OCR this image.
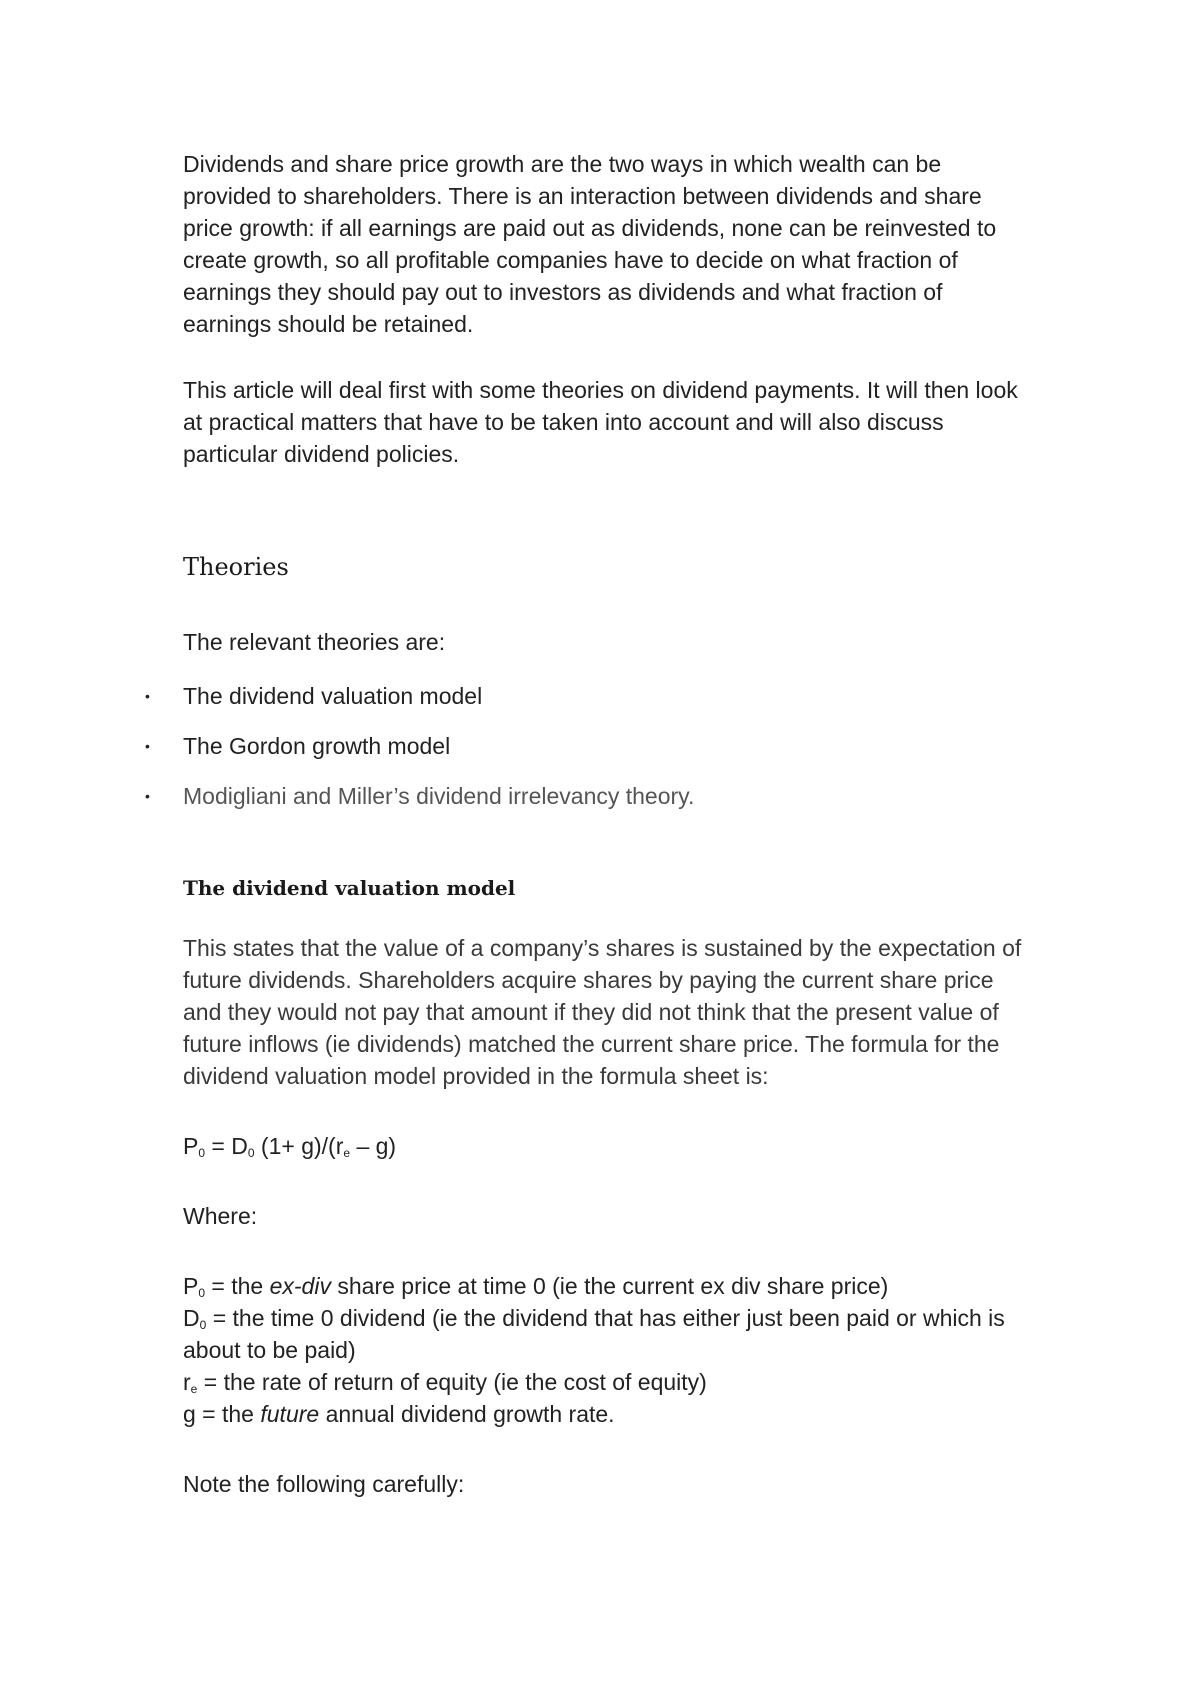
Dividends and share price growth are the two ways in which wealth can be provided to shareholders. There is an interaction between dividends and share price growth: if all earnings are paid out as dividends, none can be reinvested to create growth, so all profitable companies have to decide on what fraction of earnings they should pay out to investors as dividends and what fraction of earnings should be retained.

This article will deal first with some theories on dividend payments. It will then look at practical matters that have to be taken into account and will also discuss particular dividend policies.

Theories

The relevant theories are:

• The dividend valuation model
• The Gordon growth model
• Modigliani and Miller’s dividend irrelevancy theory.
The dividend valuation model

This states that the value of a company’s shares is sustained by the expectation of future dividends. Shareholders acquire shares by paying the current share price and they would not pay that amount if they did not think that the present value of future inflows (ie dividends) matched the current share price. The formula for the dividend valuation model provided in the formula sheet is:

$P_0 = D_0$ $(1+ g)/(r_e - g)$

Where:

$P_0$ = the ex-div share price at time 0 (ie the current ex div share price)

$D_0$ = the time 0 dividend (ie the dividend that has either just been paid or which is about to be paid)

$r_e$ = the rate of return of equity (ie the cost of equity)

g = the future annual dividend growth rate.

Note the following carefully:
